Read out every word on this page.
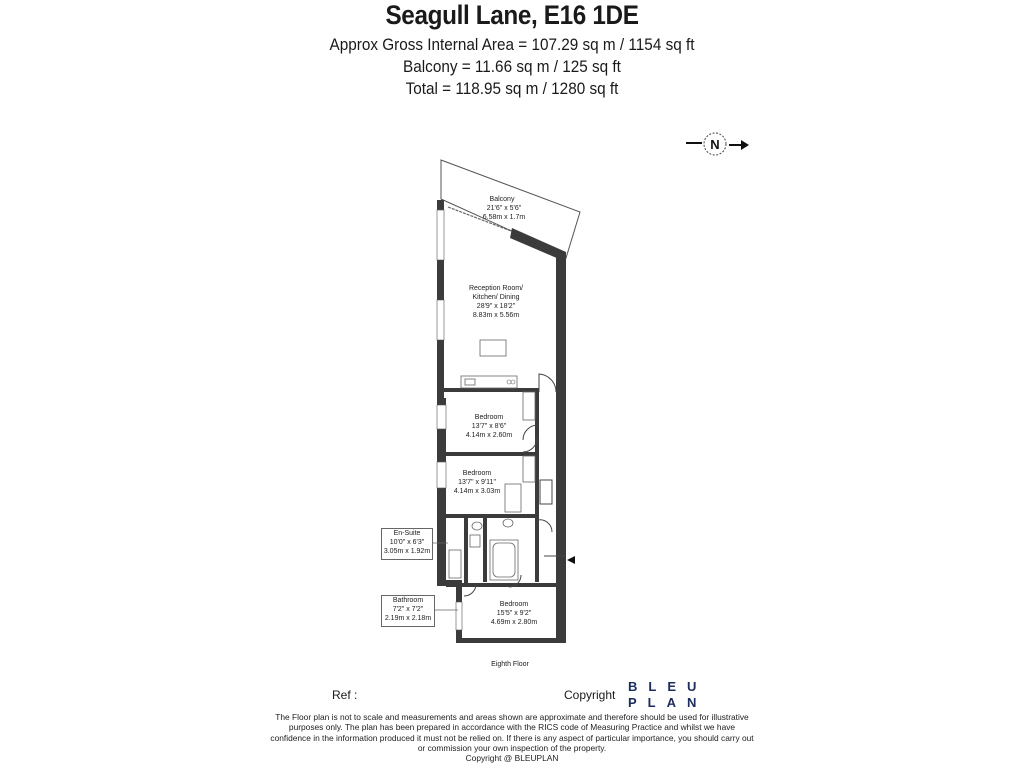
Seagull Lane, E16 1DE
Approx Gross Internal Area = 107.29 sq m / 1154 sq ft
Balcony = 11.66 sq m / 125 sq ft
Total = 118.95 sq m / 1280 sq ft
N
Balcony
21'6" x 5'6"
6.58m x 1.7m
Reception Room/
Kitchen/ Dining
28'9" x 18'2"
8.83m x 5.56m
Bedroom
13'7" x 8'6"
4.14m x 2.60m
Bedroom
13'7" x 9'11"
4.14m x 3.03m
Bedroom
15'5" x 9'2"
4.69m x 2.80m
En-Suite
10'0" x 6'3"
3.05m x 1.92m
Bathroom
7'2" x 7'2"
2.19m x 2.18m
Eighth Floor
Ref :	Copyright
BLEU
PLAN
The Floor plan is not to scale and measurements and areas shown are approximate and therefore should be used for illustrative purposes only. The plan has been prepared in accordance with the RICS code of Measuring Practice and whilst we have confidence in the information produced it must not be relied on. If there is any aspect of particular importance, you should carry out or commission your own inspection of the property.
Copyright @ BLEUPLAN
